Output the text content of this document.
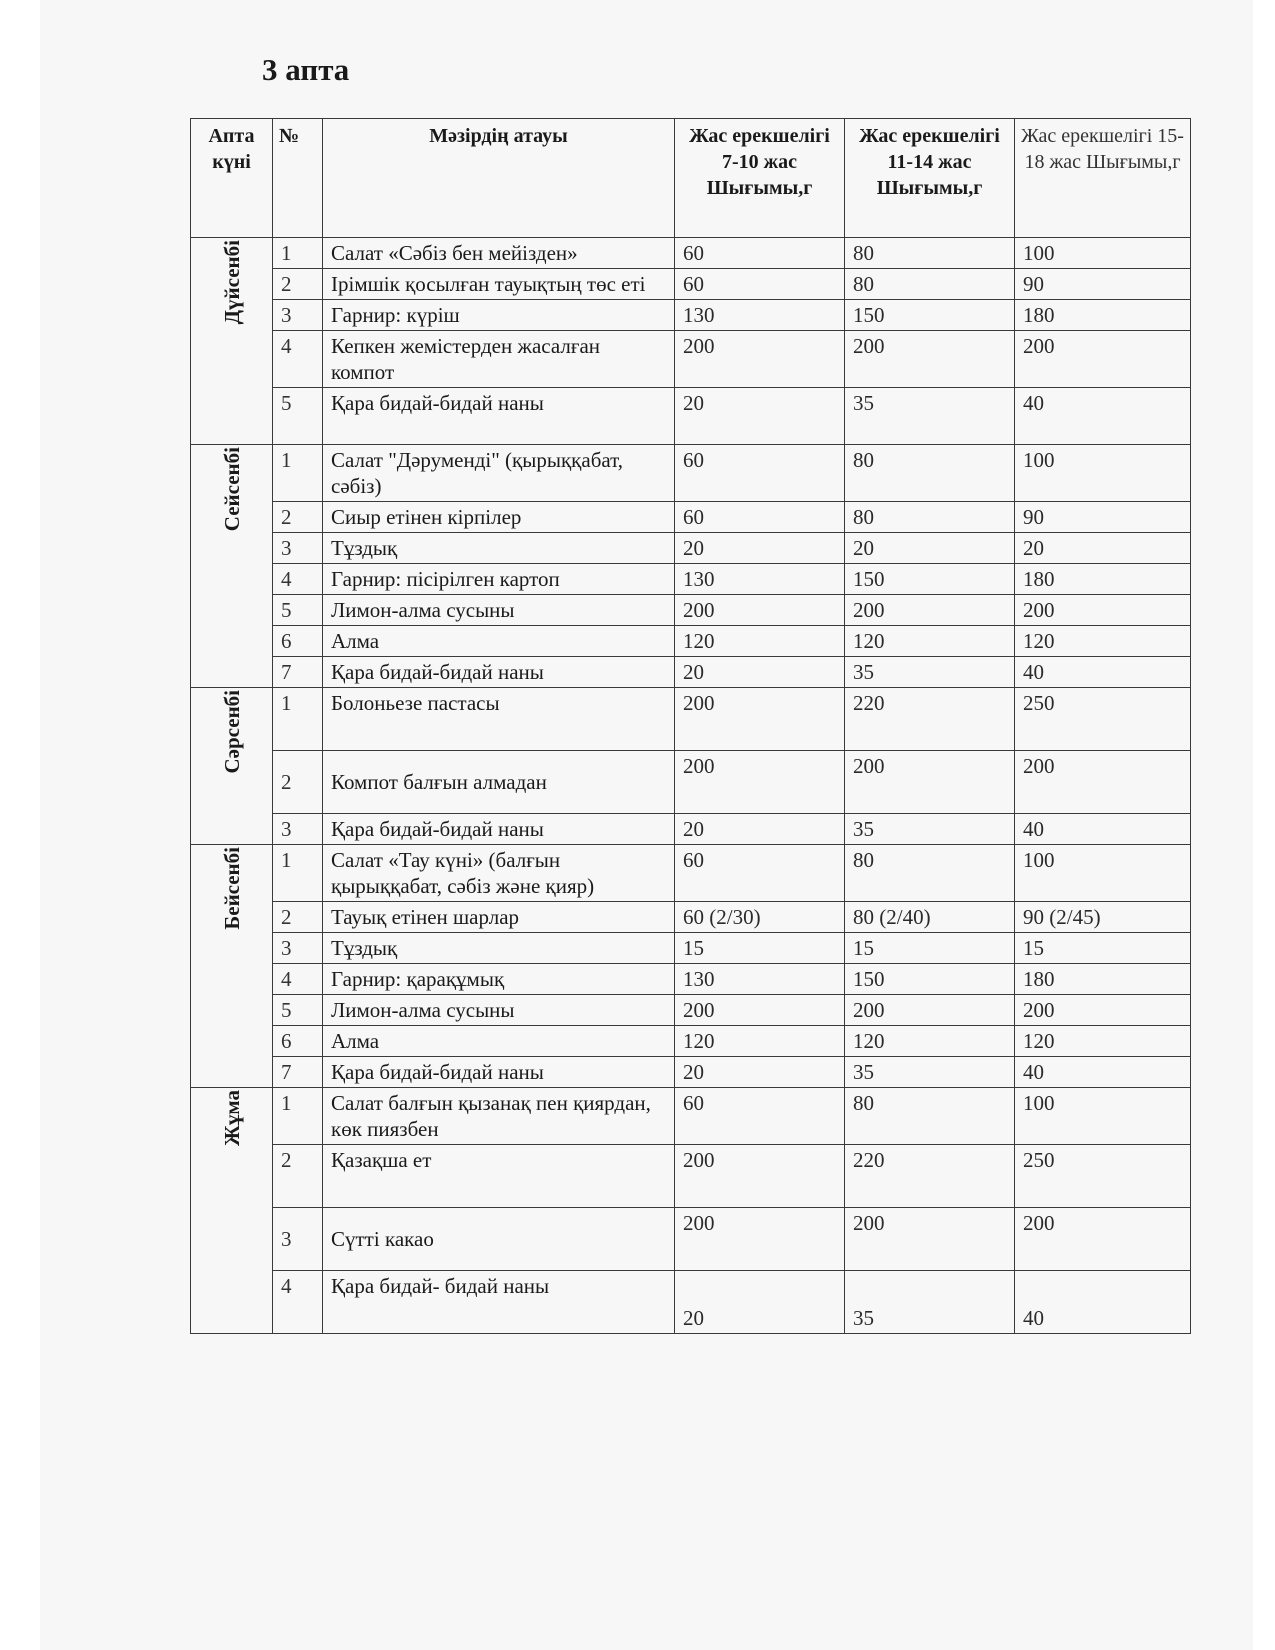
3 апта
Апта күні	№	Мәзірдің атауы	Жас ерекшелігі 7-10 жас Шығымы,г	Жас ерекшелігі 11-14 жас Шығымы,г	Жас ерекшелігі 15-18 жас Шығымы,г
Дүйсенбі	1	Салат «Сәбіз бен мейізден»	60	80	100
	2	Ірімшік қосылған тауықтың төс еті	60	80	90
	3	Гарнир: күріш	130	150	180
	4	Кепкен жемістерден жасалған компот	200	200	200
	5	Қара бидай-бидай наны	20	35	40
Сейсенбі	1	Салат "Дәруменді" (қырыққабат, сәбіз)	60	80	100
	2	Сиыр етінен кірпілер	60	80	90
	3	Тұздық	20	20	20
	4	Гарнир: пісірілген картоп	130	150	180
	5	Лимон-алма сусыны	200	200	200
	6	Алма	120	120	120
	7	Қара бидай-бидай наны	20	35	40
Сәрсенбі	1	Болоньезе пастасы	200	220	250
	2	Компот балғын алмадан	200	200	200
	3	Қара бидай-бидай наны	20	35	40
Бейсенбі	1	Салат «Тау күні» (балғын қырыққабат, сәбіз және қияр)	60	80	100
	2	Тауық етінен шарлар	60 (2/30)	80 (2/40)	90 (2/45)
	3	Тұздық	15	15	15
	4	Гарнир: қарақұмық	130	150	180
	5	Лимон-алма сусыны	200	200	200
	6	Алма	120	120	120
	7	Қара бидай-бидай наны	20	35	40
Жұма	1	Салат балғын қызанақ пен қиярдан, көк пиязбен	60	80	100
	2	Қазақша ет	200	220	250
	3	Сүтті какао	200	200	200
	4	Қара бидай- бидай наны	20	35	40
